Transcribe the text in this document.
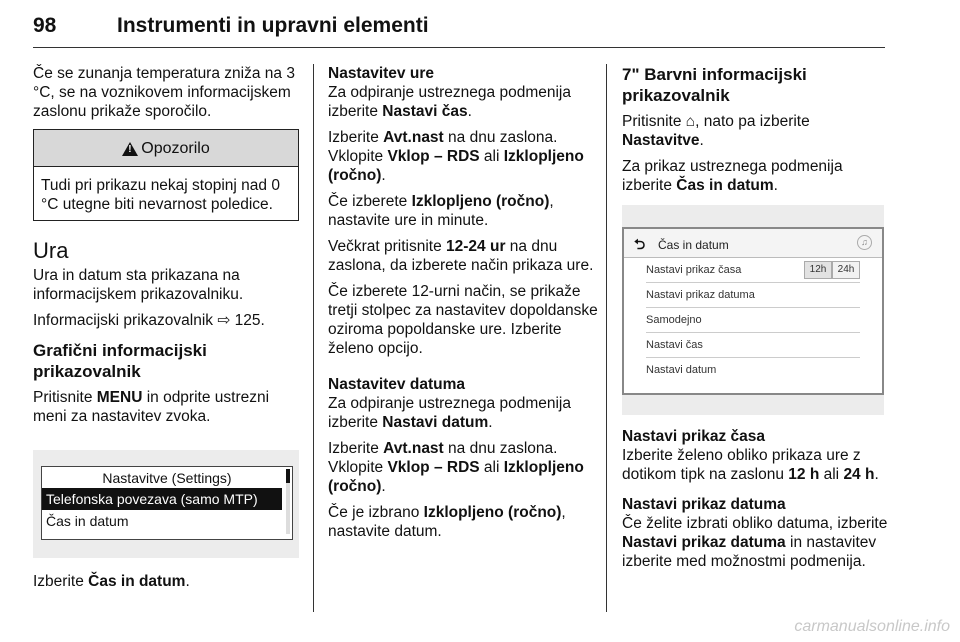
98	Instrumenti in upravni elementi

Če se zunanja temperatura zniža na 3 °C, se na voznikovem informacijskem zaslonu prikaže sporočilo.

! Opozorilo
Tudi pri prikazu nekaj stopinj nad 0 °C utegne biti nevarnost poledice.
Ura

Ura in datum sta prikazana na informacijskem prikazovalniku.

Informacijski prikazovalnik ⇨ 125.

Grafični informacijski prikazovalnik

Pritisnite MENU in odprite ustrezni meni za nastavitev zvoka.

Nastavitve (Settings)
Telefonska povezava (samo MTP)
Čas in datum

Izberite Čas in datum.

Nastavitev ure

Za odpiranje ustreznega podmenija izberite Nastavi čas.

Izberite Avt.nast na dnu zaslona. Vklopite Vklop – RDS ali Izklopljeno (ročno).

Če izberete Izklopljeno (ročno), nastavite ure in minute.

Večkrat pritisnite 12-24 ur na dnu zaslona, da izberete način prikaza ure.

Če izberete 12-urni način, se prikaže tretji stolpec za nastavitev dopoldanske oziroma popoldanske ure. Izberite želeno opcijo.

Nastavitev datuma

Za odpiranje ustreznega podmenija izberite Nastavi datum.

Izberite Avt.nast na dnu zaslona. Vklopite Vklop – RDS ali Izklopljeno (ročno).

Če je izbrano Izklopljeno (ročno), nastavite datum.

7" Barvni informacijski prikazovalnik

Pritisnite ⌂, nato pa izberite Nastavitve.

Za prikaz ustreznega podmenija izberite Čas in datum.

⮌ Čas in datum	♫
Nastavi prikaz časa	12h	24h
Nastavi prikaz datuma
Samodejno
Nastavi čas
Nastavi datum

Nastavi prikaz časa

Izberite želeno obliko prikaza ure z dotikom tipk na zaslonu 12 h ali 24 h.

Nastavi prikaz datuma

Če želite izbrati obliko datuma, izberite Nastavi prikaz datuma in nastavitev izberite med možnostmi podmenija.

carmanualsonline.info
